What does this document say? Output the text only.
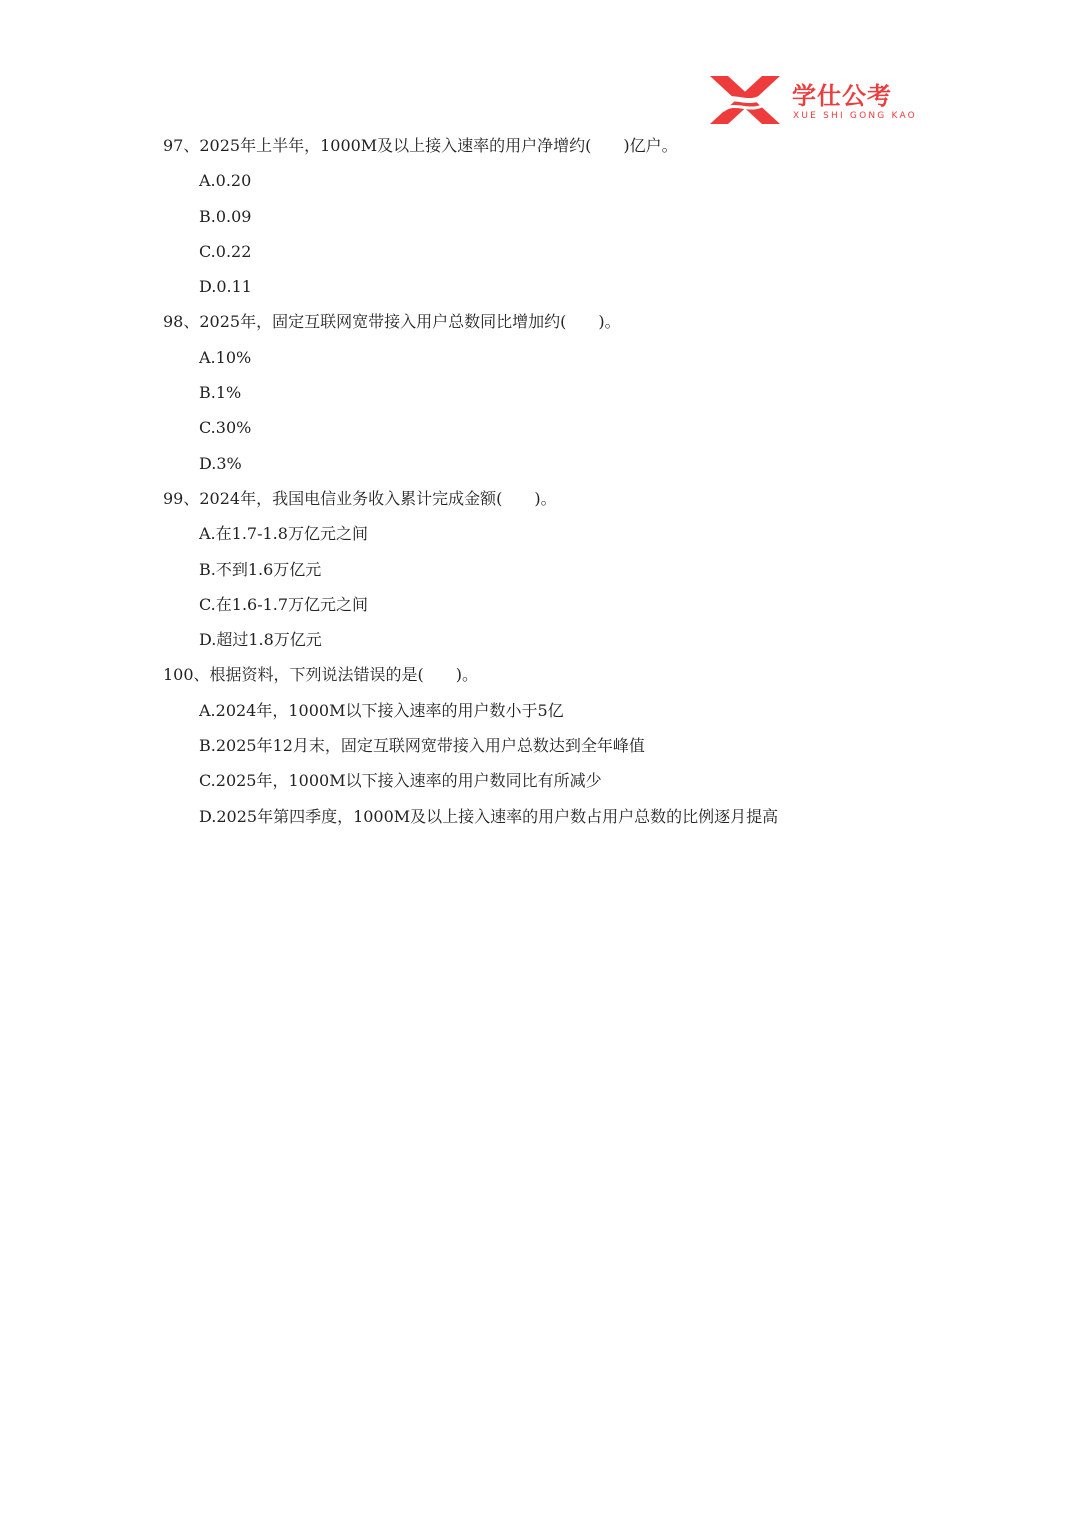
学仕公考
XUE SHI GONG KAO
97、2025年上半年，1000M及以上接入速率的用户净增约(　　)亿户。
A.0.20
B.0.09
C.0.22
D.0.11
98、2025年，固定互联网宽带接入用户总数同比增加约(　　)。
A.10%
B.1%
C.30%
D.3%
99、2024年，我国电信业务收入累计完成金额(　　)。
A.在1.7-1.8万亿元之间
B.不到1.6万亿元
C.在1.6-1.7万亿元之间
D.超过1.8万亿元
100、根据资料，下列说法错误的是(　　)。
A.2024年，1000M以下接入速率的用户数小于5亿
B.2025年12月末，固定互联网宽带接入用户总数达到全年峰值
C.2025年，1000M以下接入速率的用户数同比有所减少
D.2025年第四季度，1000M及以上接入速率的用户数占用户总数的比例逐月提高
